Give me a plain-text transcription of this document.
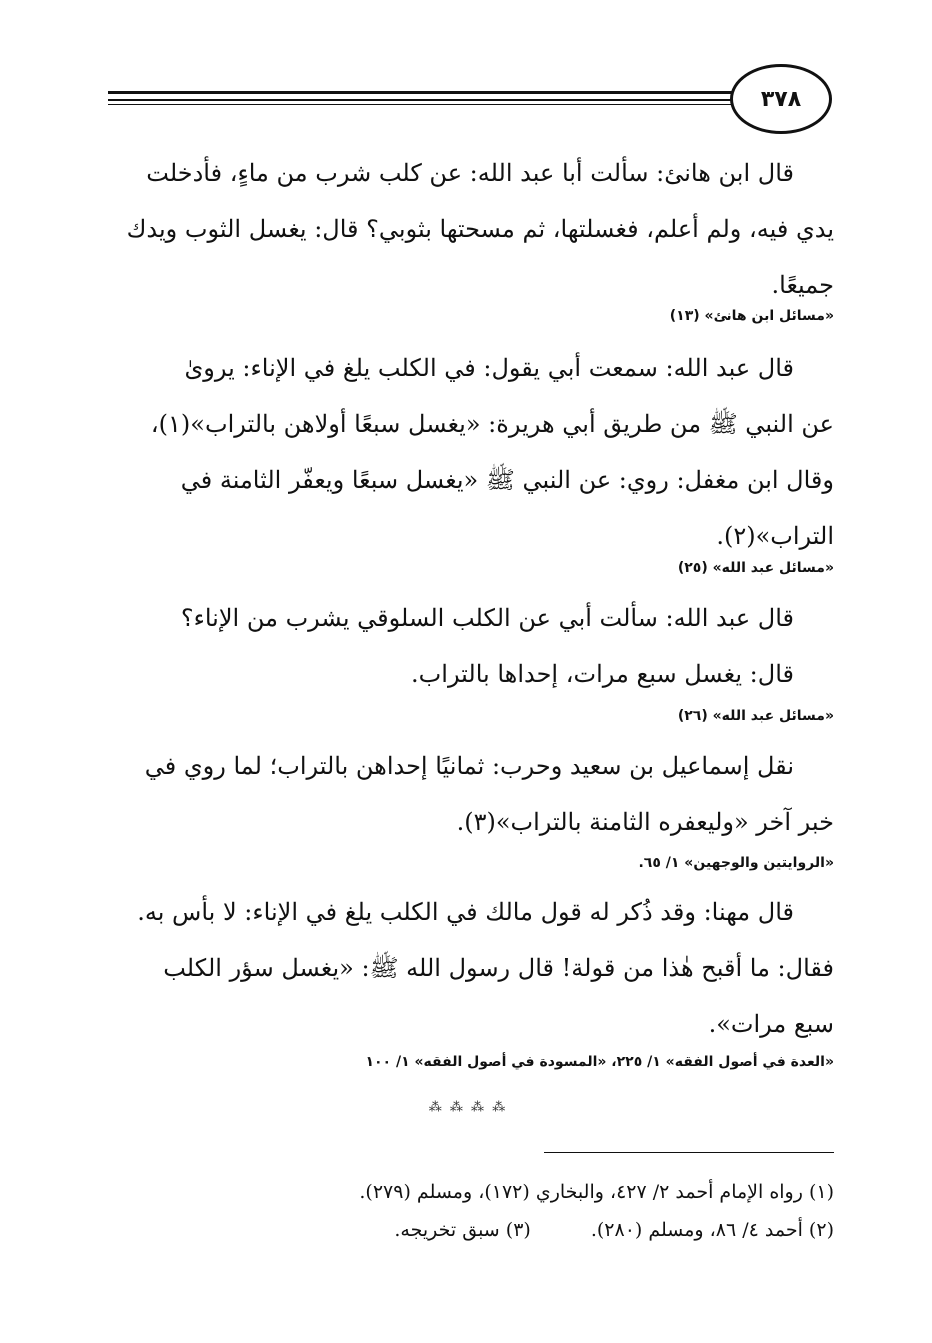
٣٧٨

قال ابن هانئ: سألت أبا عبد الله: عن كلب شرب من ماءٍ، فأدخلت

يدي فيه، ولم أعلم، فغسلتها، ثم مسحتها بثوبي؟ قال: يغسل الثوب ويدك

جميعًا.

«مسائل ابن هانئ» (١٣)

قال عبد الله: سمعت أبي يقول: في الكلب يلغ في الإناء: يروىٰ

عن النبي ﷺ من طريق أبي هريرة: «يغسل سبعًا أولاهن بالتراب»(١)،

وقال ابن مغفل: روي: عن النبي ﷺ «يغسل سبعًا ويعفّر الثامنة في

التراب»(٢).

«مسائل عبد الله» (٢٥)

قال عبد الله: سألت أبي عن الكلب السلوقي يشرب من الإناء؟

قال: يغسل سبع مرات، إحداها بالتراب.

«مسائل عبد الله» (٢٦)

نقل إسماعيل بن سعيد وحرب: ثمانيًا إحداهن بالتراب؛ لما روي في

خبر آخر «وليعفره الثامنة بالتراب»(٣).

«الروايتين والوجهين» ١/ ٦٥.

قال مهنا: وقد ذُكر له قول مالك في الكلب يلغ في الإناء: لا بأس به.

فقال: ما أقبح هٰذا من قولة! قال رسول الله ﷺ: «يغسل سؤر الكلب

سبع مرات».

«العدة في أصول الفقه» ١/ ٢٢٥، «المسودة في أصول الفقه» ١/ ١٠٠

⁂ ⁂ ⁂ ⁂

(١) رواه الإمام أحمد ٢/ ٤٢٧، والبخاري (١٧٢)، ومسلم (٢٧٩).

(٢) أحمد ٤/ ٨٦، ومسلم (٢٨٠).
(٣) سبق تخريجه.
